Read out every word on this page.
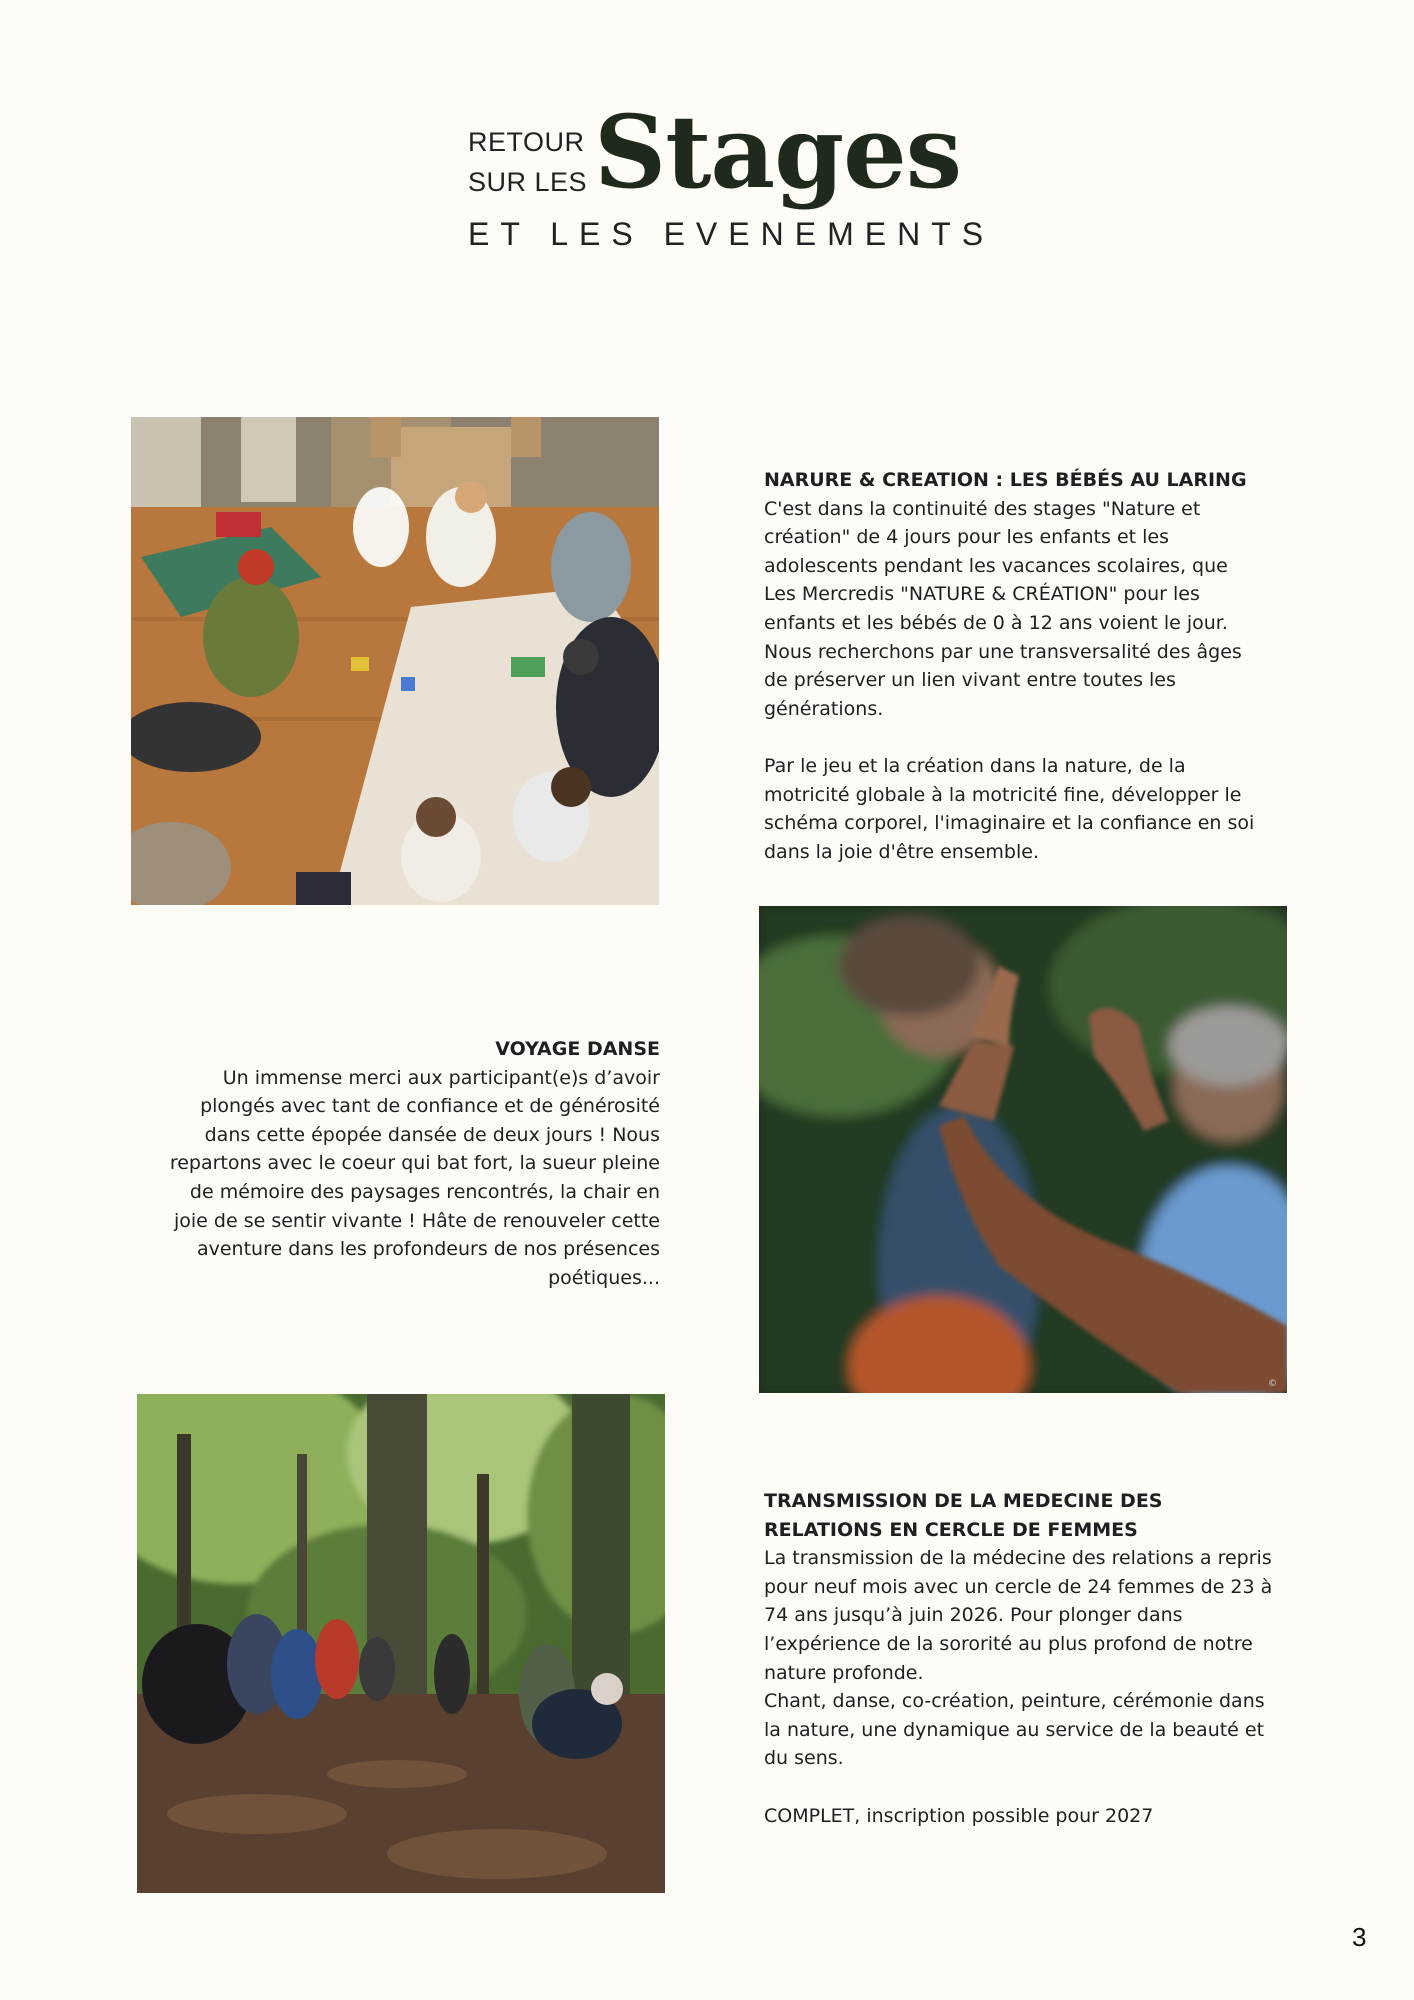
RETOUR
SUR LES Stages
ET LES EVENEMENTS

NARURE & CREATION : LES BÉBÉS AU LARING

C'est dans la continuité des stages "Nature et création" de 4 jours pour les enfants et les adolescents pendant les vacances scolaires, que Les Mercredis "NATURE & CRÉATION" pour les enfants et les bébés de 0 à 12 ans voient le jour. Nous recherchons par une transversalité des âges de préserver un lien vivant entre toutes les générations.

Par le jeu et la création dans la nature, de la motricité globale à la motricité fine, développer le schéma corporel, l'imaginaire et la confiance en soi dans la joie d'être ensemble.

VOYAGE DANSE

Un immense merci aux participant(e)s d’avoir plongés avec tant de confiance et de générosité dans cette épopée dansée de deux jours ! Nous repartons avec le coeur qui bat fort, la sueur pleine de mémoire des paysages rencontrés, la chair en joie de se sentir vivante ! Hâte de renouveler cette aventure dans les profondeurs de nos présences poétiques...

©

TRANSMISSION DE LA MEDECINE DES RELATIONS EN CERCLE DE FEMMES

La transmission de la médecine des relations a repris pour neuf mois avec un cercle de 24 femmes de 23 à 74 ans jusqu’à juin 2026. Pour plonger dans l’expérience de la sororité au plus profond de notre nature profonde.

Chant, danse, co-création, peinture, cérémonie dans la nature, une dynamique au service de la beauté et du sens.

COMPLET, inscription possible pour 2027

3
